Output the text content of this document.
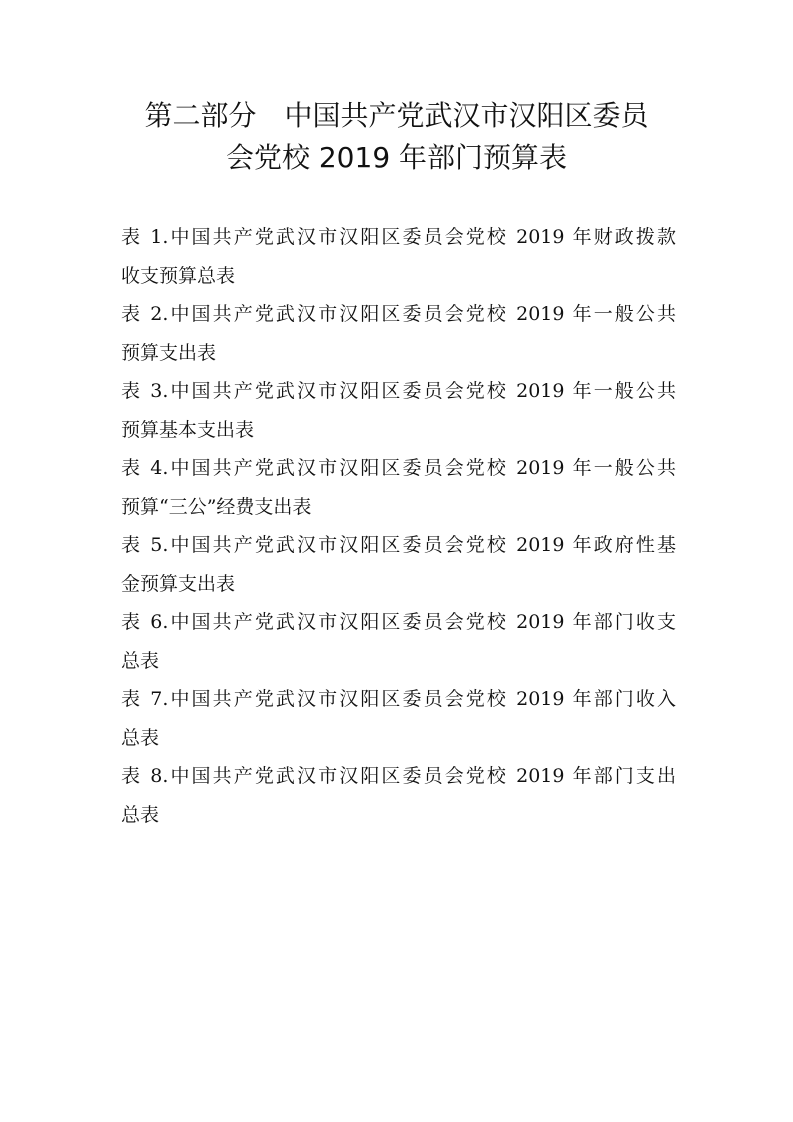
第二部分　中国共产党武汉市汉阳区委员
会党校 2019 年部门预算表
表 1.中国共产党武汉市汉阳区委员会党校 2019 年财政拨款
收支预算总表
表 2.中国共产党武汉市汉阳区委员会党校 2019 年一般公共
预算支出表
表 3.中国共产党武汉市汉阳区委员会党校 2019 年一般公共
预算基本支出表
表 4.中国共产党武汉市汉阳区委员会党校 2019 年一般公共
预算“三公”经费支出表
表 5.中国共产党武汉市汉阳区委员会党校 2019 年政府性基
金预算支出表
表 6.中国共产党武汉市汉阳区委员会党校 2019 年部门收支
总表
表 7.中国共产党武汉市汉阳区委员会党校 2019 年部门收入
总表
表 8.中国共产党武汉市汉阳区委员会党校 2019 年部门支出
总表
